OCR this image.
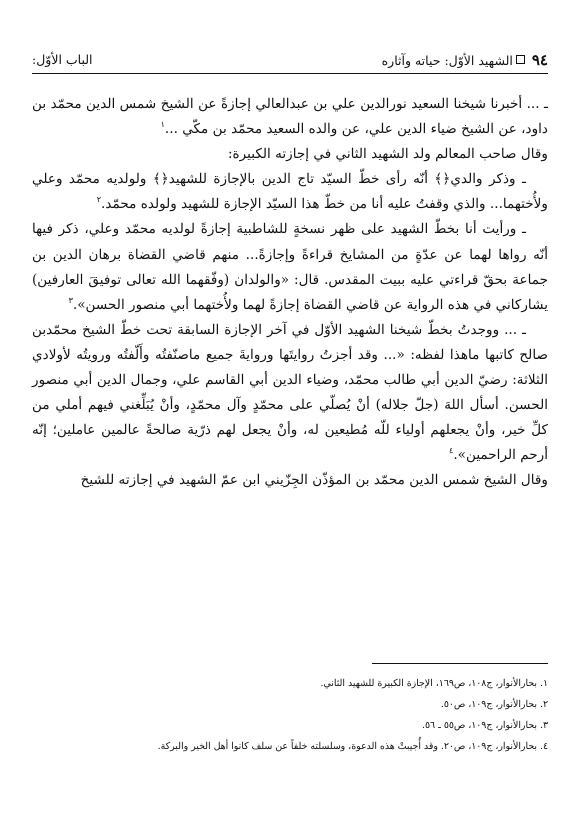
٩٤الشهيد الأوّل: حياته وآثاره
الباب الأوّل:

ـ ... أخبرنا شيخنا السعيد نورالدين علي بن عبدالعالي إجازةً عن الشيخ شمس الدين محمّد بن داود، عن الشيخ ضياء الدين علي، عن والده السعيد محمّد بن مكّي ...$^١$

وقال صاحب المعالم ولد الشهيد الثاني في إجازته الكبيرة:

ـ وذكر والدي﴿﴾ أنّه رأى خطّ السيّد تاج الدين بالإجازة للشهيد﴿﴾ ولولديه محمّد وعلي ولأُختهما... والذي وقفتُ عليه أنا من خطّ هذا السيّد الإجازة للشهيد ولولده محمّد.$^٢$

ـ ورأيت أنا بخطّ الشهيد على ظهر نسخةٍ للشاطبية إجازةً لولديه محمّد وعلي، ذكر فيها أنّه رواها لهما عن عدّةٍ من المشايخ قراءةً وإجازةً... منهم قاضي القضاة برهان الدين بن جماعة بحقّ قراءتي عليه ببيت المقدس. قال: «والولدان (وفّقهما الله تعالى توفيقَ العارفين) يشاركاني في هذه الرواية عن قاضي القضاة إجازةً لهما ولأُختهما أبي منصور الحسن».$^٣$

ـ ... ووجدتُ بخطّ شيخنا الشهيد الأوّل في آخر الإجازة السابقة تحت خطّ الشيخ محمّدبن صالح كاتبها ماهذا لفظه: «... وقد أجزتُ روايتَها وروايةَ جميع ماصنّفتُه وأَلّفتُه ورويتُه لأولادي الثلاثة: رضيّ الدين أبي طالب محمّد، وضياء الدين أبي القاسم علي، وجمال الدين أبي منصور الحسن. أسأل اللهَ (جلّ جلاله) أنْ يُصلّي على محمّدٍ وآل محمّدٍ، وأنْ يُبَلِّغني فيهم أملي من كلِّ خير، وأنْ يجعلهم أولياء للّه مُطيعين له، وأنْ يجعل لهم ذرّية صالحةً عالمين عاملين؛ إنّه أرحم الراحمين».$^٤$

وقال الشيخ شمس الدين محمّد بن المؤذّن الجِزّيني ابن عمّ الشهيد في إجازته للشيخ

١. بحارالأنوار، ج١٠٨، ص١٦٩، الإجازة الكبيرة للشهيد الثاني.

٢. بحارالأنوار، ج١٠٩، ص٥٠.

٣. بحارالأنوار، ج١٠٩، ص٥٥ ـ ٥٦.

٤. بحارالأنوار، ج١٠٩، ص٢٠. وقد أُجيبتْ هذه الدعوة، وسلسلته خلفاً عن سلف كانوا أهل الخير والبركة.
